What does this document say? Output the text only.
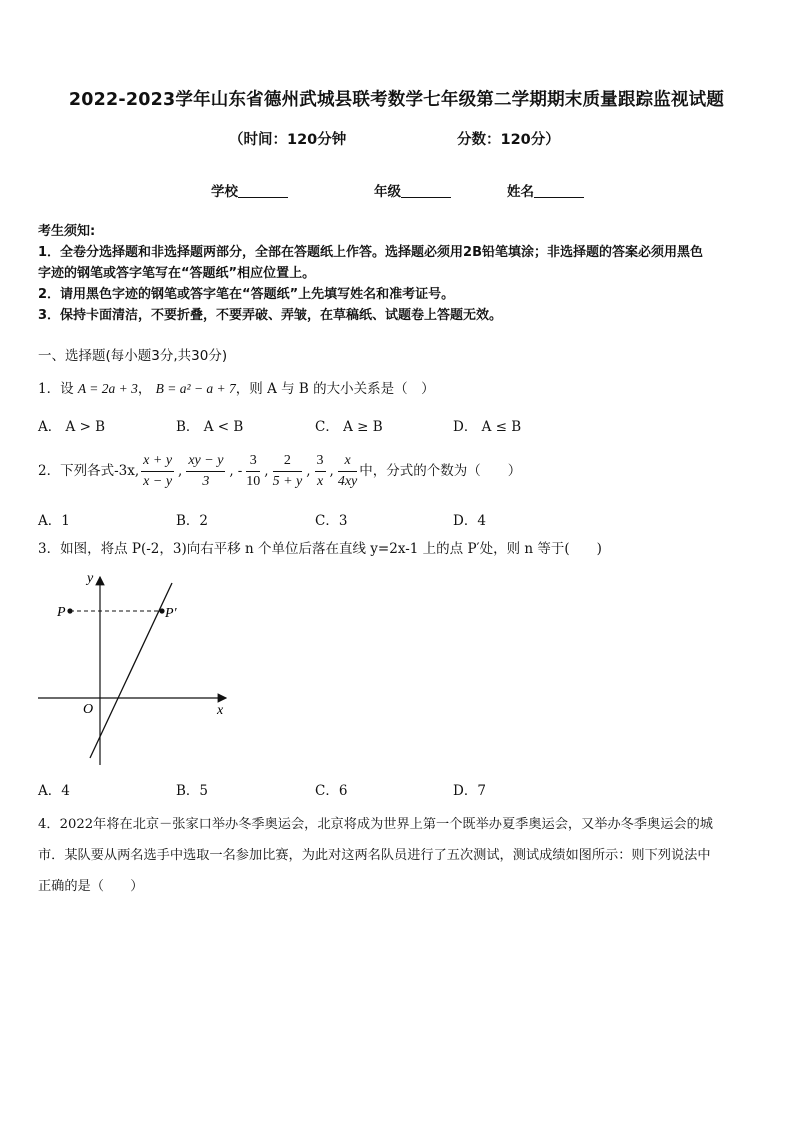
2022-2023学年山东省德州武城县联考数学七年级第二学期期末质量跟踪监视试题
（时间：120分钟	分数：120分）
学校	年级	姓名
考生须知:
1．全卷分选择题和非选择题两部分，全部在答题纸上作答。选择题必须用2B铅笔填涂；非选择题的答案必须用黑色
字迹的钢笔或答字笔写在“答题纸”相应位置上。
2．请用黑色字迹的钢笔或答字笔在“答题纸”上先填写姓名和准考证号。
3．保持卡面清洁，不要折叠，不要弄破、弄皱，在草稿纸、试题卷上答题无效。
一、选择题(每小题3分,共30分)
1．设 A = 2a + 3， B = a² − a + 7，则 A 与 B 的大小关系是（　）
A． A > B	B． A < B	C． A ≥ B	D． A ≤ B
2．下列各式-3x, $\frac{x + y}{x - y}$ , $\frac{xy - y}{3}$ , - $\frac{3}{10}$ , $\frac{2}{5 + y}$ , $\frac{3}{x}$ , $\frac{x}{4xy}$ 中，分式的个数为（　　）
A．1	B．2	C．3	D．4
3．如图，将点 P(-2，3)向右平移 n 个单位后落在直线 y=2x-1 上的点 P′处，则 n 等于(　　)
y
x
O
P	P′
A．4	B．5	C．6	D．7
4．2022年将在北京－张家口举办冬季奥运会，北京将成为世界上第一个既举办夏季奥运会，又举办冬季奥运会的城
市．某队要从两名选手中选取一名参加比赛，为此对这两名队员进行了五次测试，测试成绩如图所示：则下列说法中
正确的是（　　）
